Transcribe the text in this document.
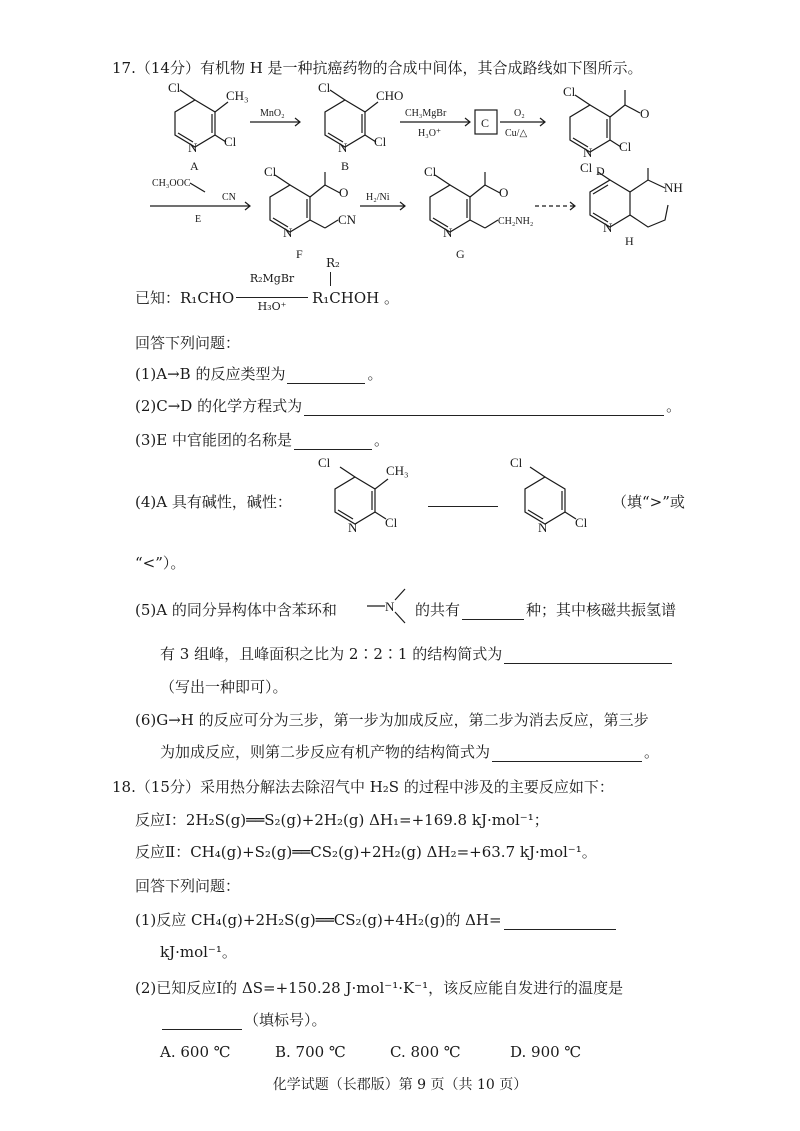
17.（14分）有机物 H 是一种抗癌药物的合成中间体，其合成路线如下图所示。
Cl
CH₃
N Cl
A
MnO₂
Cl
CHO
N Cl
B
CH₃MgBr
H₃O⁺
C
O₂
Cu/△
Cl
O
N Cl
D
CH₃OOC
CN
E
Cl
O
N
CN
F
H₂/Ni
Cl
O
N
CH₂NH₂
G
Cl
NH
N
H
已知：R₁CHO
R₂MgBr
H₃O⁺
R₂
R₁CHOH 。
回答下列问题：
(1)A→B 的反应类型为	。
(2)C→D 的化学方程式为	。
(3)E 中官能团的名称是	。
(4)A 具有碱性，碱性：
Cl
CH₃
N Cl
Cl
N Cl
（填“>”或
“<”）。
(5)A 的同分异构体中含苯环和	N 的共有	种；其中核磁共振氢谱
有 3 组峰，且峰面积之比为 2∶2∶1 的结构简式为
（写出一种即可）。
(6)G→H 的反应可分为三步，第一步为加成反应，第二步为消去反应，第三步
为加成反应，则第二步反应有机产物的结构简式为	。
18.（15分）采用热分解法去除沼气中 H₂S 的过程中涉及的主要反应如下：
反应Ⅰ：2H₂S(g)══S₂(g)+2H₂(g) ΔH₁=+169.8 kJ·mol⁻¹；
反应Ⅱ：CH₄(g)+S₂(g)══CS₂(g)+2H₂(g) ΔH₂=+63.7 kJ·mol⁻¹。
回答下列问题：
(1)反应 CH₄(g)+2H₂S(g)══CS₂(g)+4H₂(g)的 ΔH=
kJ·mol⁻¹。
(2)已知反应Ⅰ的 ΔS=+150.28 J·mol⁻¹·K⁻¹，该反应能自发进行的温度是
（填标号）。
A. 600 ℃	B. 700 ℃	C. 800 ℃	D. 900 ℃
化学试题（长郡版）第 9 页（共 10 页）
